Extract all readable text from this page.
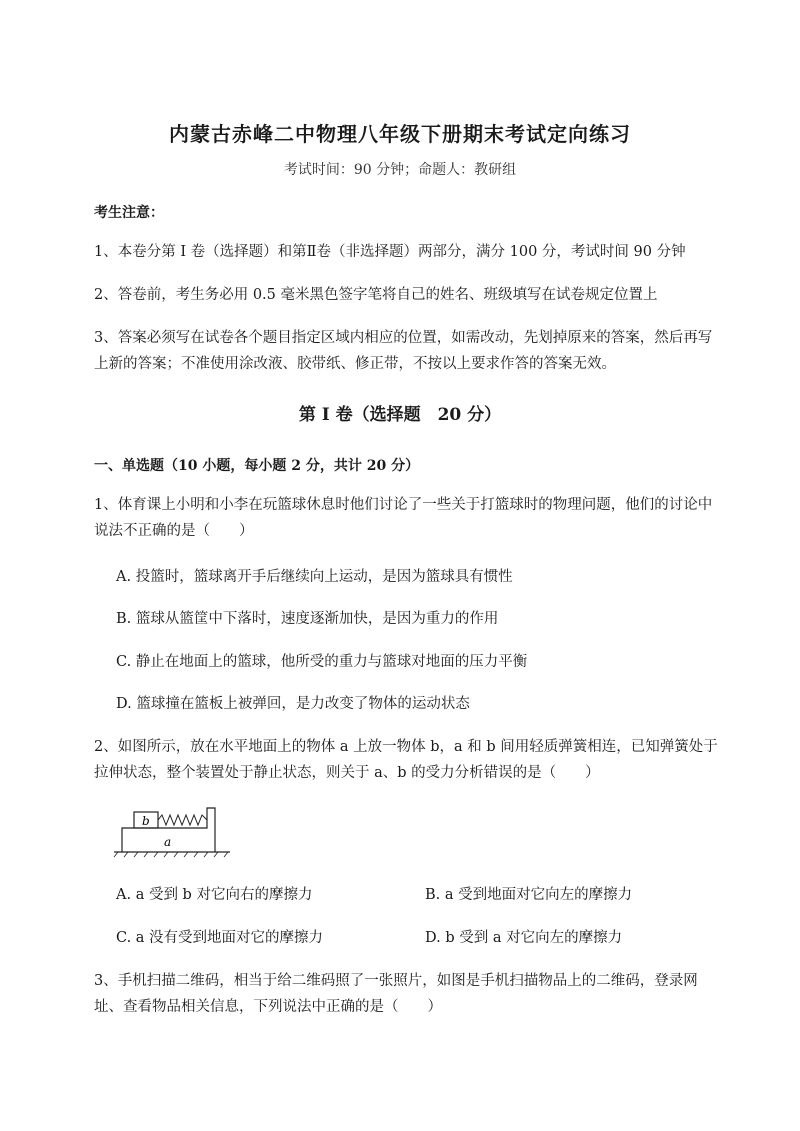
内蒙古赤峰二中物理八年级下册期末考试定向练习
考试时间：90 分钟；命题人：教研组
考生注意：
1、本卷分第 I 卷（选择题）和第Ⅱ卷（非选择题）两部分，满分 100 分，考试时间 90 分钟
2、答卷前，考生务必用 0.5 毫米黑色签字笔将自己的姓名、班级填写在试卷规定位置上
3、答案必须写在试卷各个题目指定区域内相应的位置，如需改动，先划掉原来的答案，然后再写上新的答案；不准使用涂改液、胶带纸、修正带，不按以上要求作答的答案无效。
第 I 卷（选择题　20 分）
一、单选题（10 小题，每小题 2 分，共计 20 分）
1、体育课上小明和小李在玩篮球休息时他们讨论了一些关于打篮球时的物理问题，他们的讨论中说法不正确的是（　　）
A. 投篮时，篮球离开手后继续向上运动，是因为篮球具有惯性
B. 篮球从篮筐中下落时，速度逐渐加快，是因为重力的作用
C. 静止在地面上的篮球，他所受的重力与篮球对地面的压力平衡
D. 篮球撞在篮板上被弹回，是力改变了物体的运动状态
2、如图所示，放在水平地面上的物体 a 上放一物体 b，a 和 b 间用轻质弹簧相连，已知弹簧处于拉伸状态，整个装置处于静止状态，则关于 a、b 的受力分析错误的是（　　）
b
a
A. a 受到 b 对它向右的摩擦力	B. a 受到地面对它向左的摩擦力
C. a 没有受到地面对它的摩擦力	D. b 受到 a 对它向左的摩擦力
3、手机扫描二维码，相当于给二维码照了一张照片，如图是手机扫描物品上的二维码，登录网址、查看物品相关信息，下列说法中正确的是（　　）
